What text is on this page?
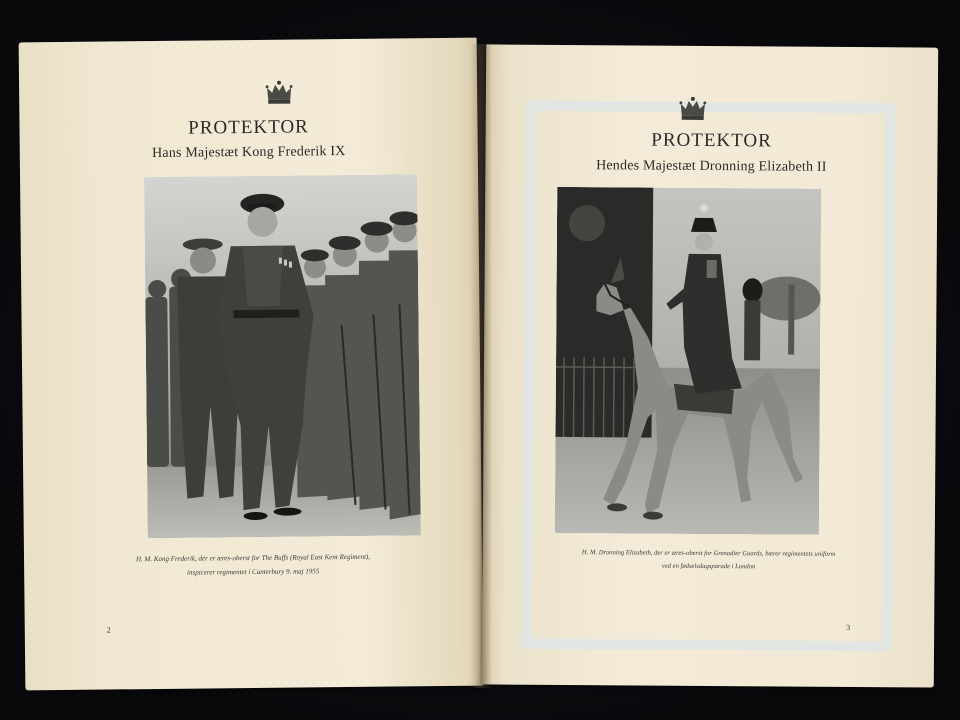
PROTEKTOR
Hans Majestæt Kong Frederik IX
H. M. Kong Frederik, der er æres-oberst for The Buffs (Royal East Kent Regiment),
inspicerer regimentet i Canterbury 9. maj 1955
2
PROTEKTOR
Hendes Majestæt Dronning Elizabeth II
H. M. Dronning Elizabeth, der er æres-oberst for Grenadier Guards, bærer regimentets uniform
ved en fødselsdagsparade i London
3
